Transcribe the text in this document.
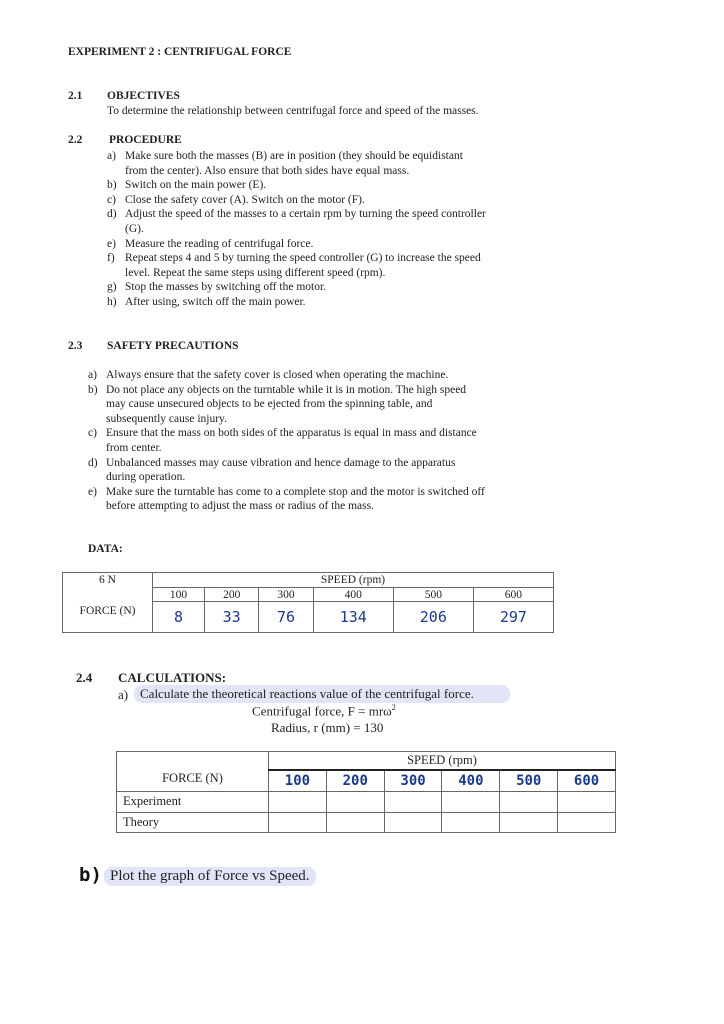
EXPERIMENT 2 : CENTRIFUGAL FORCE
2.1 OBJECTIVES
To determine the relationship between centrifugal force and speed of the masses.
2.2 PROCEDURE
a) Make sure both the masses (B) are in position (they should be equidistant
from the center). Also ensure that both sides have equal mass.
b) Switch on the main power (E).
c) Close the safety cover (A). Switch on the motor (F).
d) Adjust the speed of the masses to a certain rpm by turning the speed controller
(G).
e) Measure the reading of centrifugal force.
f) Repeat steps 4 and 5 by turning the speed controller (G) to increase the speed
level. Repeat the same steps using different speed (rpm).
g) Stop the masses by switching off the motor.
h) After using, switch off the main power.
2.3 SAFETY PRECAUTIONS
a) Always ensure that the safety cover is closed when operating the machine.
b) Do not place any objects on the turntable while it is in motion. The high speed
may cause unsecured objects to be ejected from the spinning table, and
subsequently cause injury.
c) Ensure that the mass on both sides of the apparatus is equal in mass and distance
from center.
d) Unbalanced masses may cause vibration and hence damage to the apparatus
during operation.
e) Make sure the turntable has come to a complete stop and the motor is switched off
before attempting to adjust the mass or radius of the mass.
DATA:
6 N	SPEED (rpm)					
	100	200	300	400	500	600
FORCE (N)	8	33	76	134	206	297
2.4 CALCULATIONS:
a) Calculate the theoretical reactions value of the centrifugal force.
Centrifugal force, F = mrω$^2$
Radius, r (mm) = 130
FORCE (N)	SPEED (rpm)					
	100	200	300	400	500	600
Experiment						
Theory						
b) Plot the graph of Force vs Speed.
